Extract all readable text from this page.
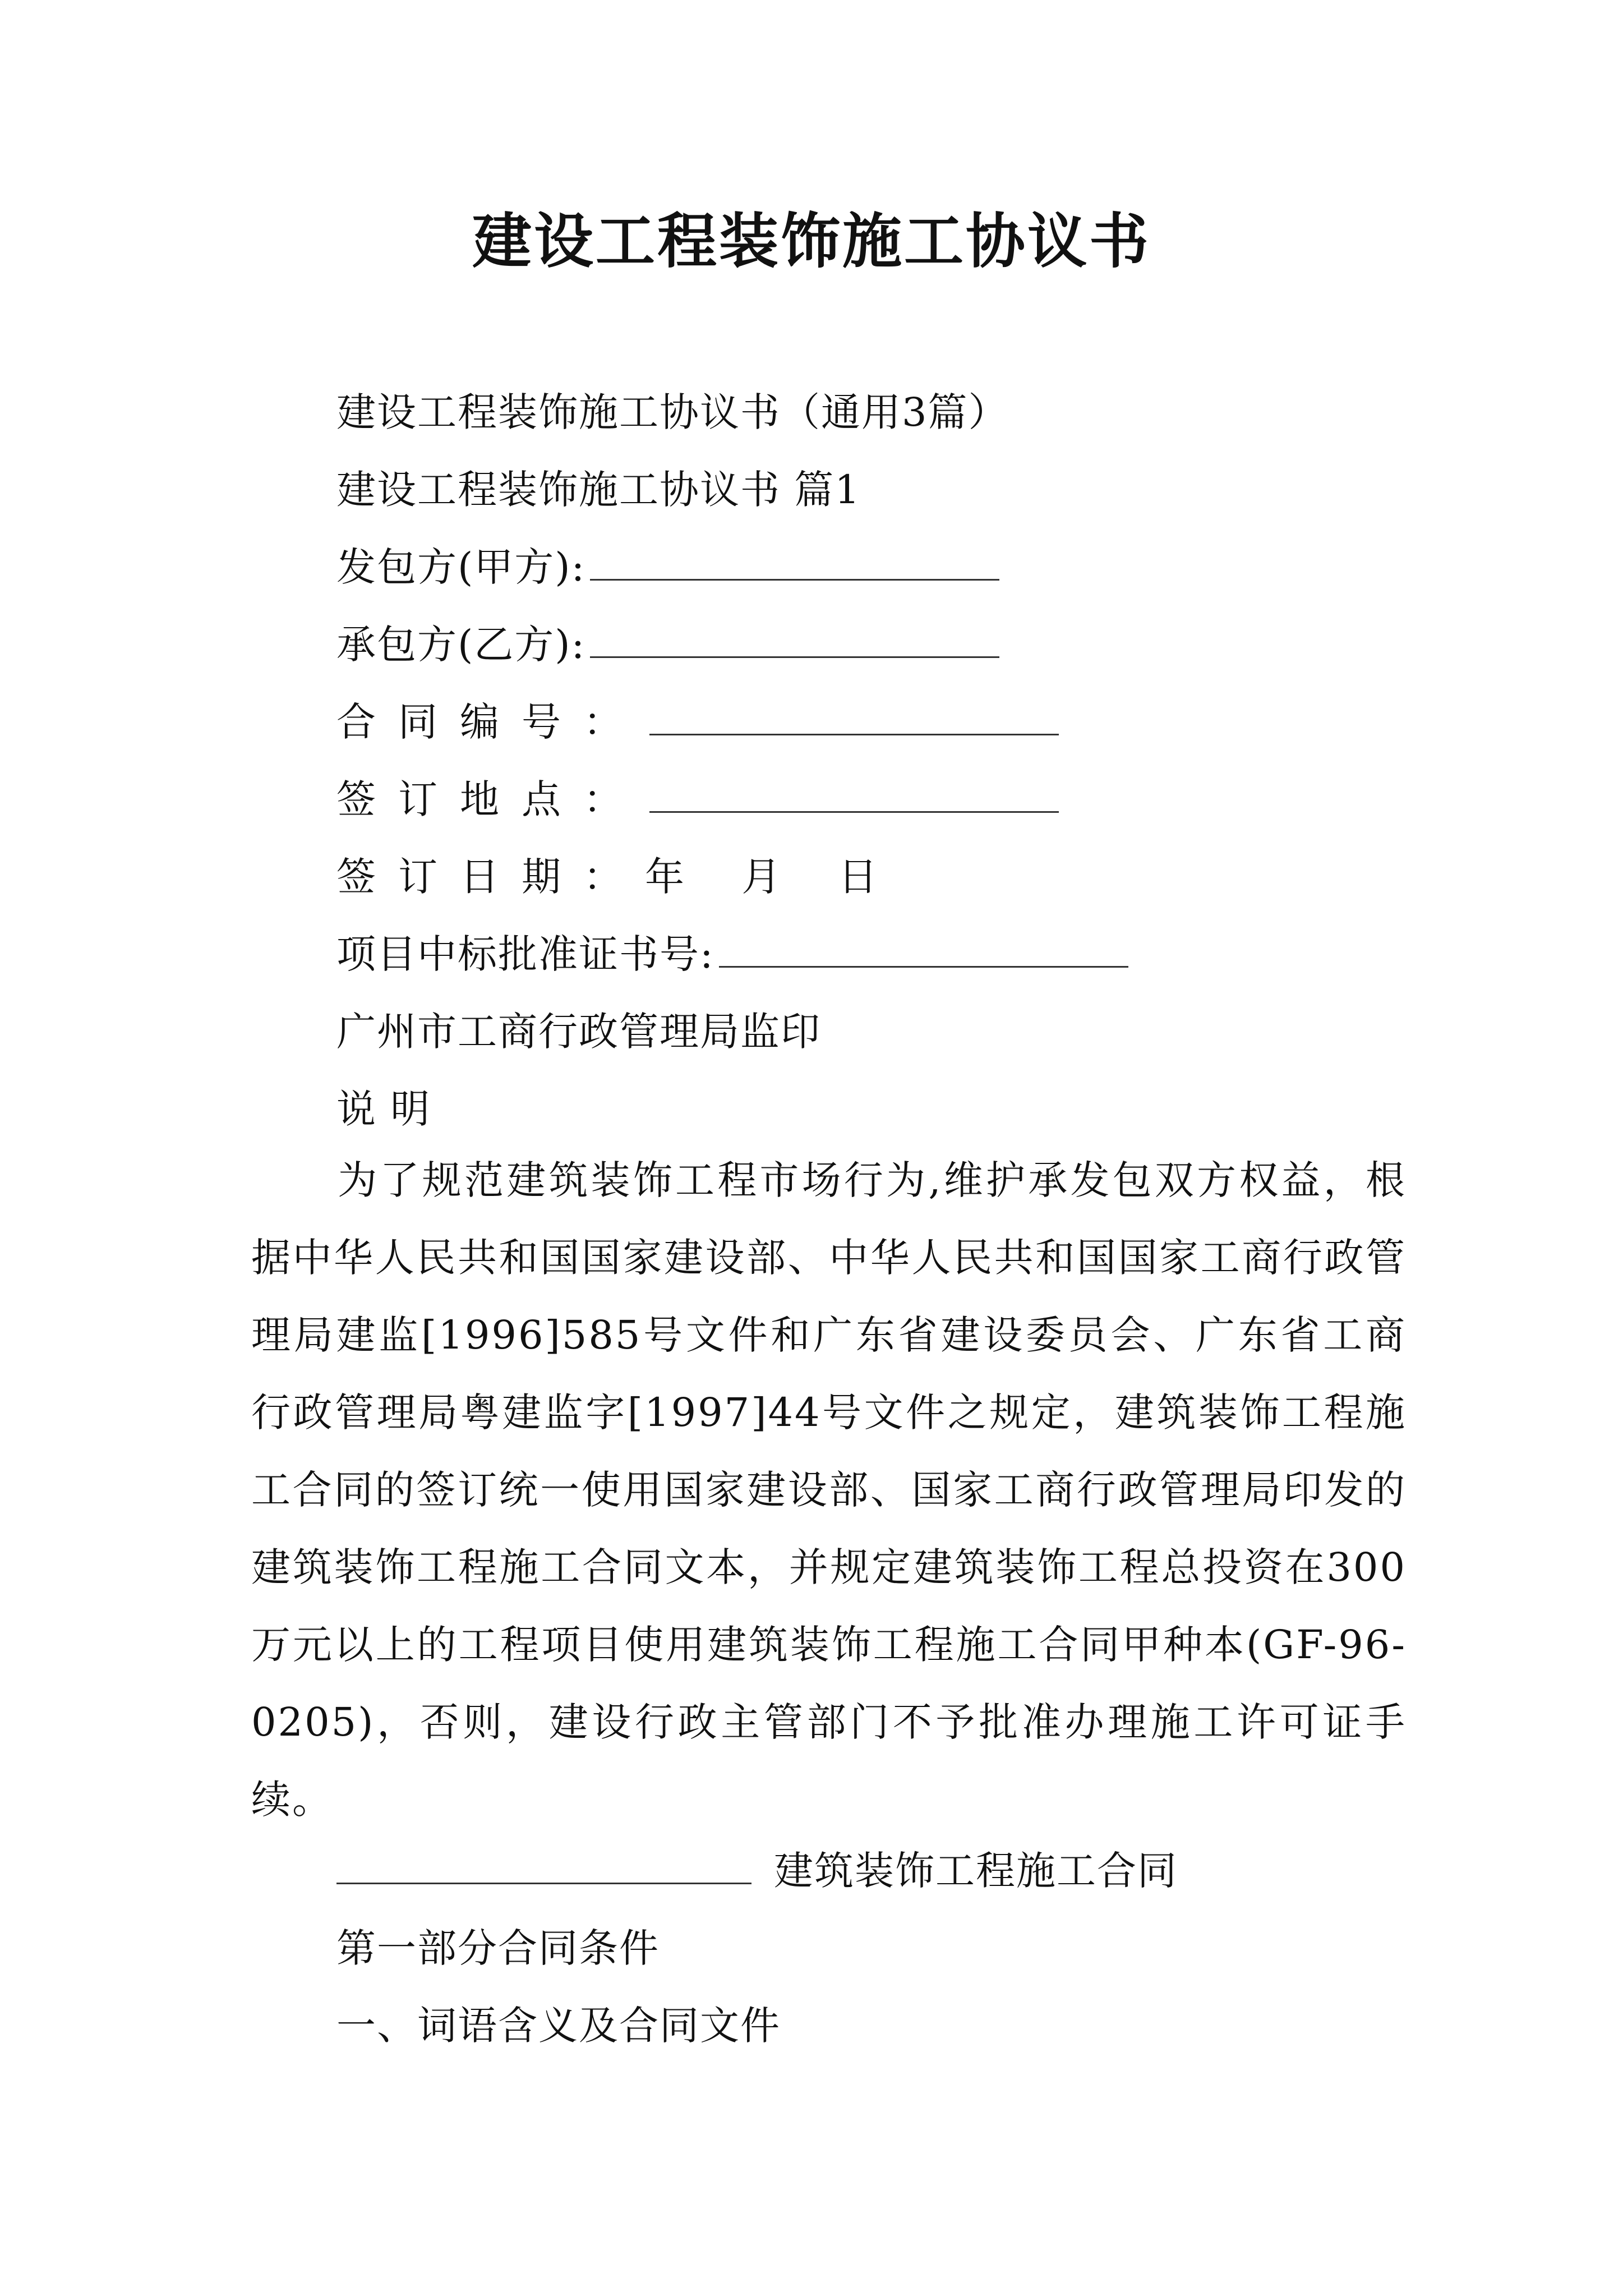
建设工程装饰施工协议书
建设工程装饰施工协议书（通用3篇）
建设工程装饰施工协议书 篇1
发包方(甲方):
承包方(乙方):
合同编号：
签订地点：
签订日期：年 月 日
项目中标批准证书号:
广州市工商行政管理局监印
说 明
为了规范建筑装饰工程市场行为,维护承发包双方权益，根据中华人民共和国国家建设部、中华人民共和国国家工商行政管理局建监[1996]585号文件和广东省建设委员会、广东省工商行政管理局粤建监字[1997]44号文件之规定，建筑装饰工程施工合同的签订统一使用国家建设部、国家工商行政管理局印发的建筑装饰工程施工合同文本，并规定建筑装饰工程总投资在300万元以上的工程项目使用建筑装饰工程施工合同甲种本(GF-96-0205)，否则，建设行政主管部门不予批准办理施工许可证手续。
建筑装饰工程施工合同
第一部分合同条件
一、词语含义及合同文件
